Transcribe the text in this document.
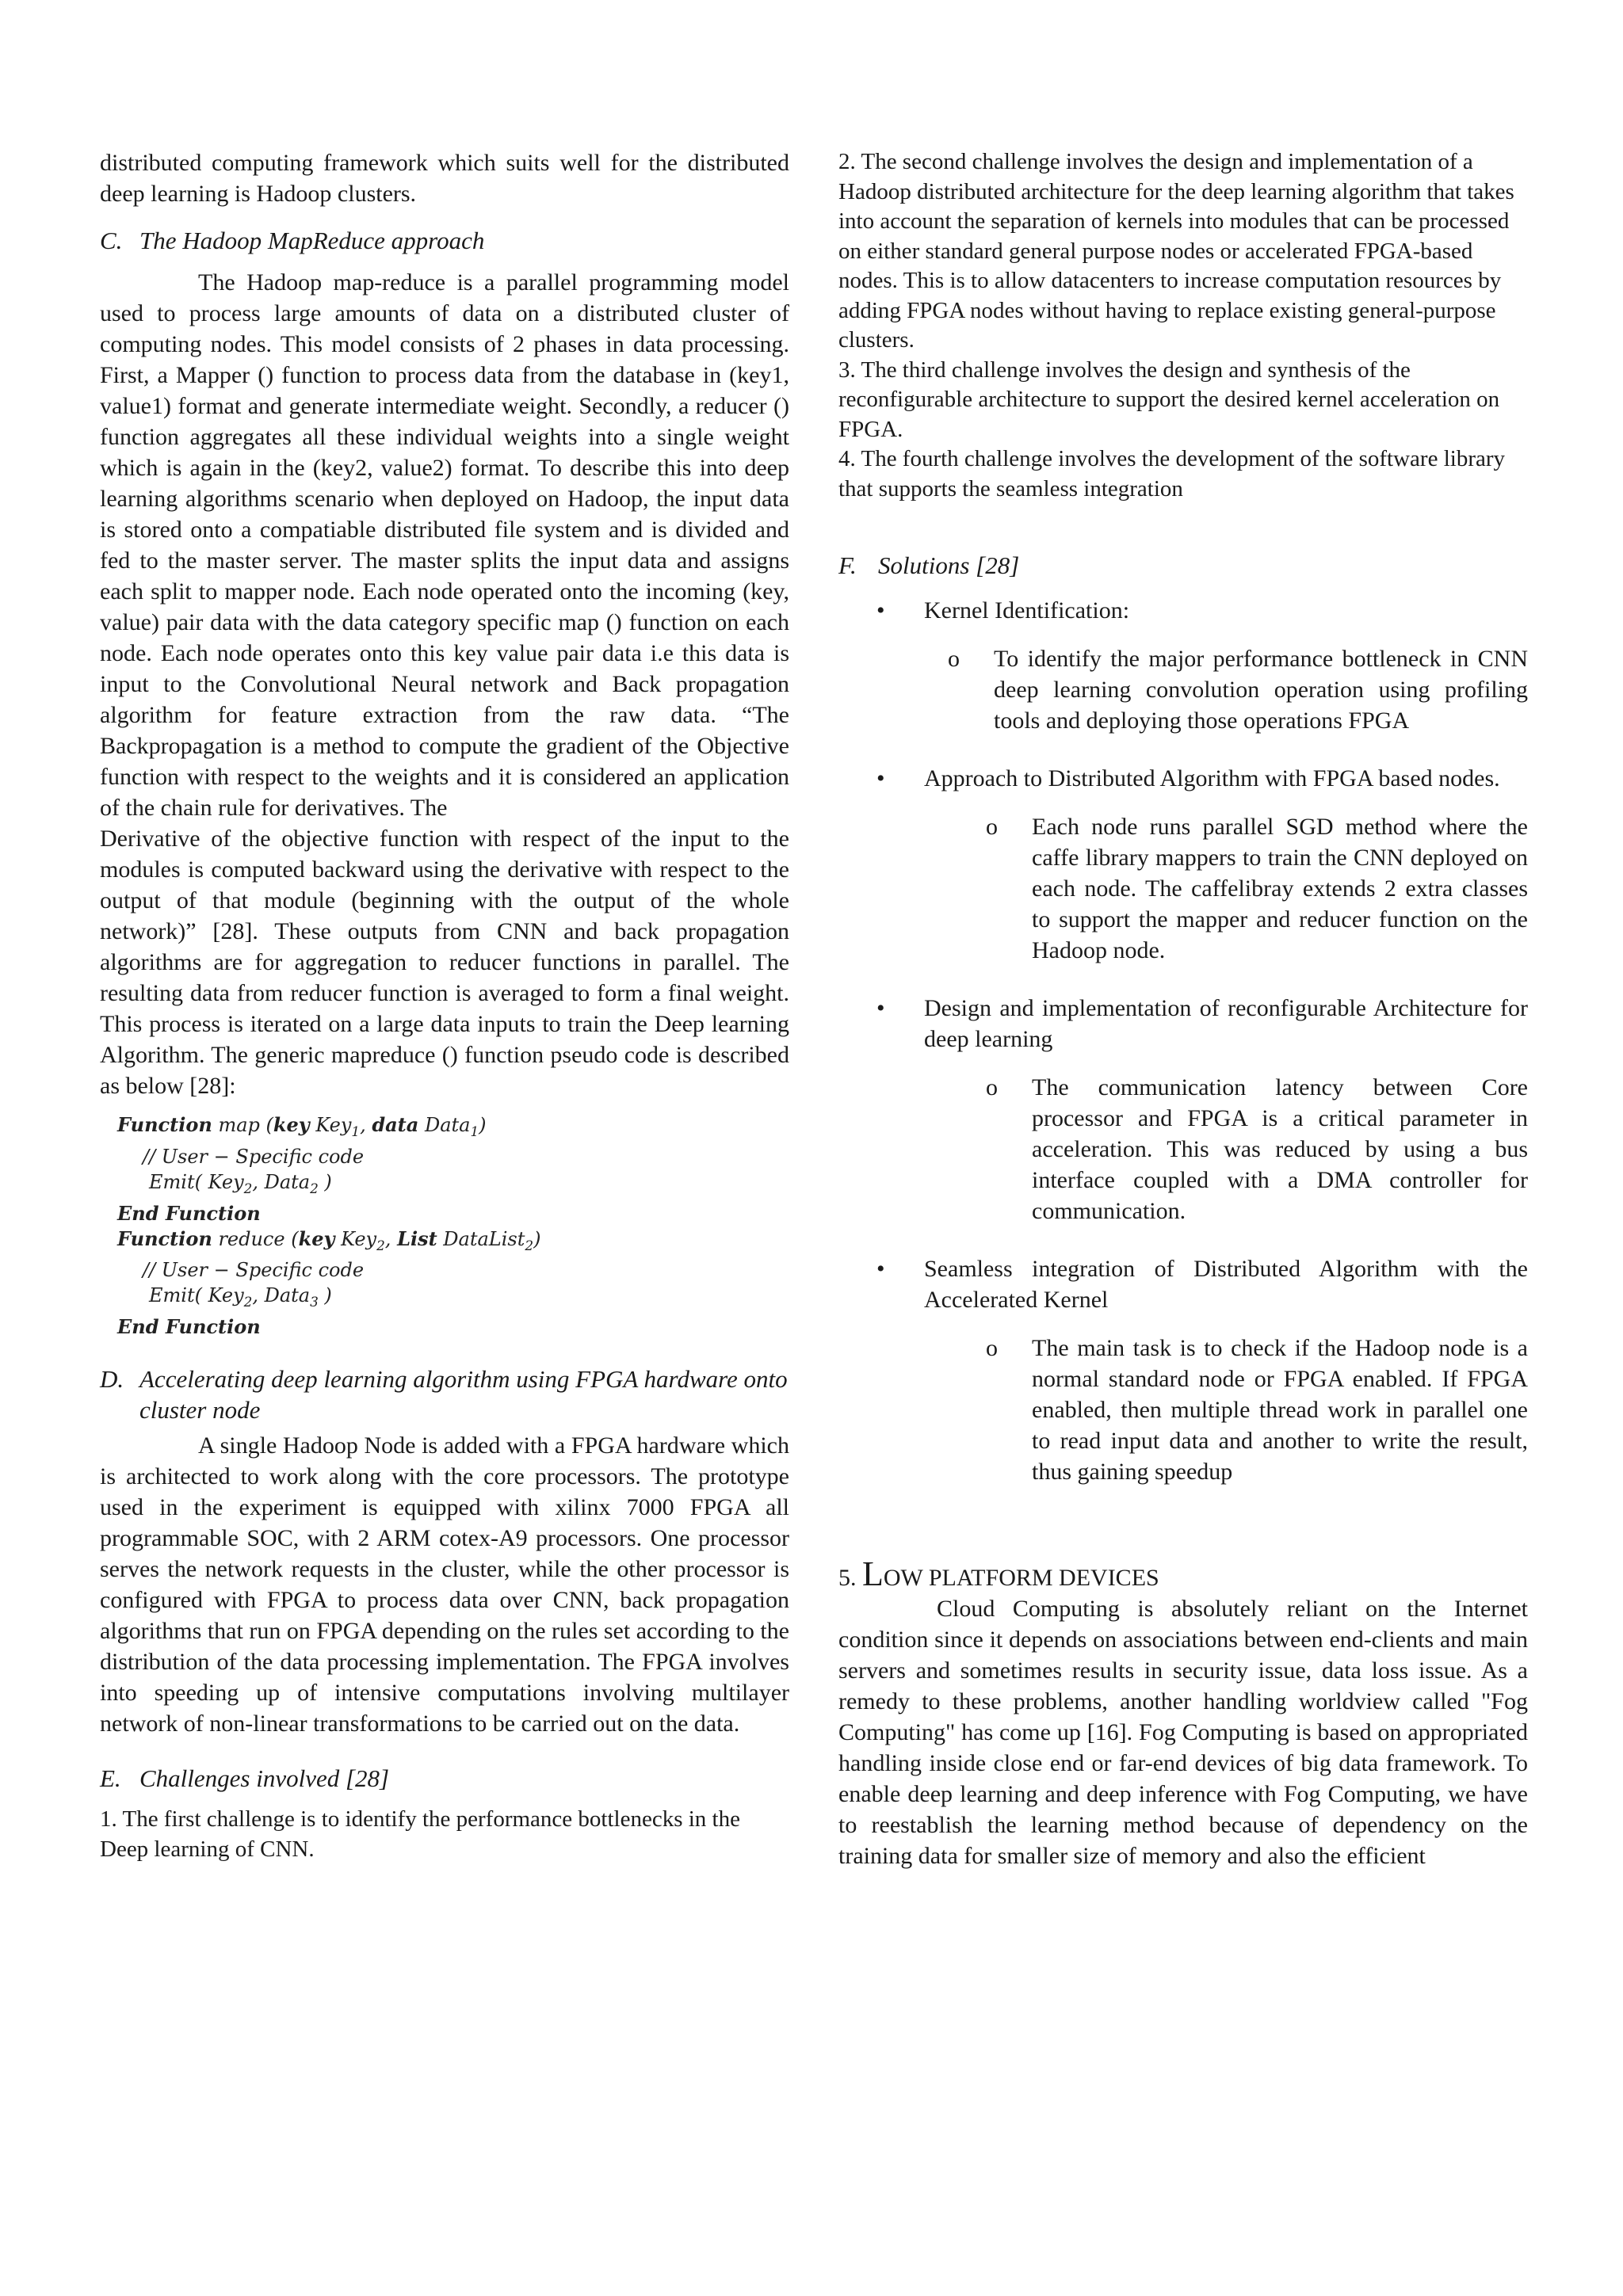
distributed computing framework which suits well for the distributed deep learning is Hadoop clusters.

C. The Hadoop MapReduce approach

The Hadoop map-reduce is a parallel programming model used to process large amounts of data on a distributed cluster of computing nodes. This model consists of 2 phases in data processing. First, a Mapper () function to process data from the database in (key1, value1) format and generate intermediate weight. Secondly, a reducer () function aggregates all these individual weights into a single weight which is again in the (key2, value2) format. To describe this into deep learning algorithms scenario when deployed on Hadoop, the input data is stored onto a compatiable distributed file system and is divided and fed to the master server. The master splits the input data and assigns each split to mapper node. Each node operated onto the incoming (key, value) pair data with the data category specific map () function on each node. Each node operates onto this key value pair data i.e this data is input to the Convolutional Neural network and Back propagation algorithm for feature extraction from the raw data. “The Backpropagation is a method to compute the gradient of the Objective function with respect to the weights and it is considered an application of the chain rule for derivatives. The

Derivative of the objective function with respect of the input to the modules is computed backward using the derivative with respect to the output of that module (beginning with the output of the whole network)” [28]. These outputs from CNN and back propagation algorithms are for aggregation to reducer functions in parallel. The resulting data from reducer function is averaged to form a final weight. This process is iterated on a large data inputs to train the Deep learning Algorithm. The generic mapreduce () function pseudo code is described as below [28]:

Function map (key Key$_1$, data Data$_1$)
// User − Specific code
Emit( Key$_2$, Data$_2$ )
End Function
Function reduce (key Key$_2$, List DataList$_2$)
// User − Specific code
Emit( Key$_2$, Data$_3$ )
End Function

D. Accelerating deep learning algorithm using FPGA hardware onto cluster node

A single Hadoop Node is added with a FPGA hardware which is architected to work along with the core processors. The prototype used in the experiment is equipped with xilinx 7000 FPGA all programmable SOC, with 2 ARM cotex-A9 processors. One processor serves the network requests in the cluster, while the other processor is configured with FPGA to process data over CNN, back propagation algorithms that run on FPGA depending on the rules set according to the distribution of the data processing implementation. The FPGA involves into speeding up of intensive computations involving multilayer network of non-linear transformations to be carried out on the data.

E. Challenges involved [28]

1. The first challenge is to identify the performance bottlenecks in the Deep learning of CNN.

2. The second challenge involves the design and implementation of a Hadoop distributed architecture for the deep learning algorithm that takes into account the separation of kernels into modules that can be processed on either standard general purpose nodes or accelerated FPGA-based nodes. This is to allow datacenters to increase computation resources by adding FPGA nodes without having to replace existing general-purpose clusters.

3. The third challenge involves the design and synthesis of the reconfigurable architecture to support the desired kernel acceleration on FPGA.

4. The fourth challenge involves the development of the software library that supports the seamless integration

F. Solutions [28]

• Kernel Identification:
o To identify the major performance bottleneck in CNN deep learning convolution operation using profiling tools and deploying those operations FPGA
• Approach to Distributed Algorithm with FPGA based nodes.
o Each node runs parallel SGD method where the caffe library mappers to train the CNN deployed on each node. The caffelibray extends 2 extra classes to support the mapper and reducer function on the Hadoop node.
• Design and implementation of reconfigurable Architecture for deep learning
o The communication latency between Core processor and FPGA is a critical parameter in acceleration. This was reduced by using a bus interface coupled with a DMA controller for communication.
• Seamless integration of Distributed Algorithm with the Accelerated Kernel
o The main task is to check if the Hadoop node is a normal standard node or FPGA enabled. If FPGA enabled, then multiple thread work in parallel one to read input data and another to write the result, thus gaining speedup

5. LOW PLATFORM DEVICES

Cloud Computing is absolutely reliant on the Internet condition since it depends on associations between end-clients and main servers and sometimes results in security issue, data loss issue. As a remedy to these problems, another handling worldview called "Fog Computing" has come up [16]. Fog Computing is based on appropriated handling inside close end or far-end devices of big data framework. To enable deep learning and deep inference with Fog Computing, we have to reestablish the learning method because of dependency on the training data for smaller size of memory and also the efficient
